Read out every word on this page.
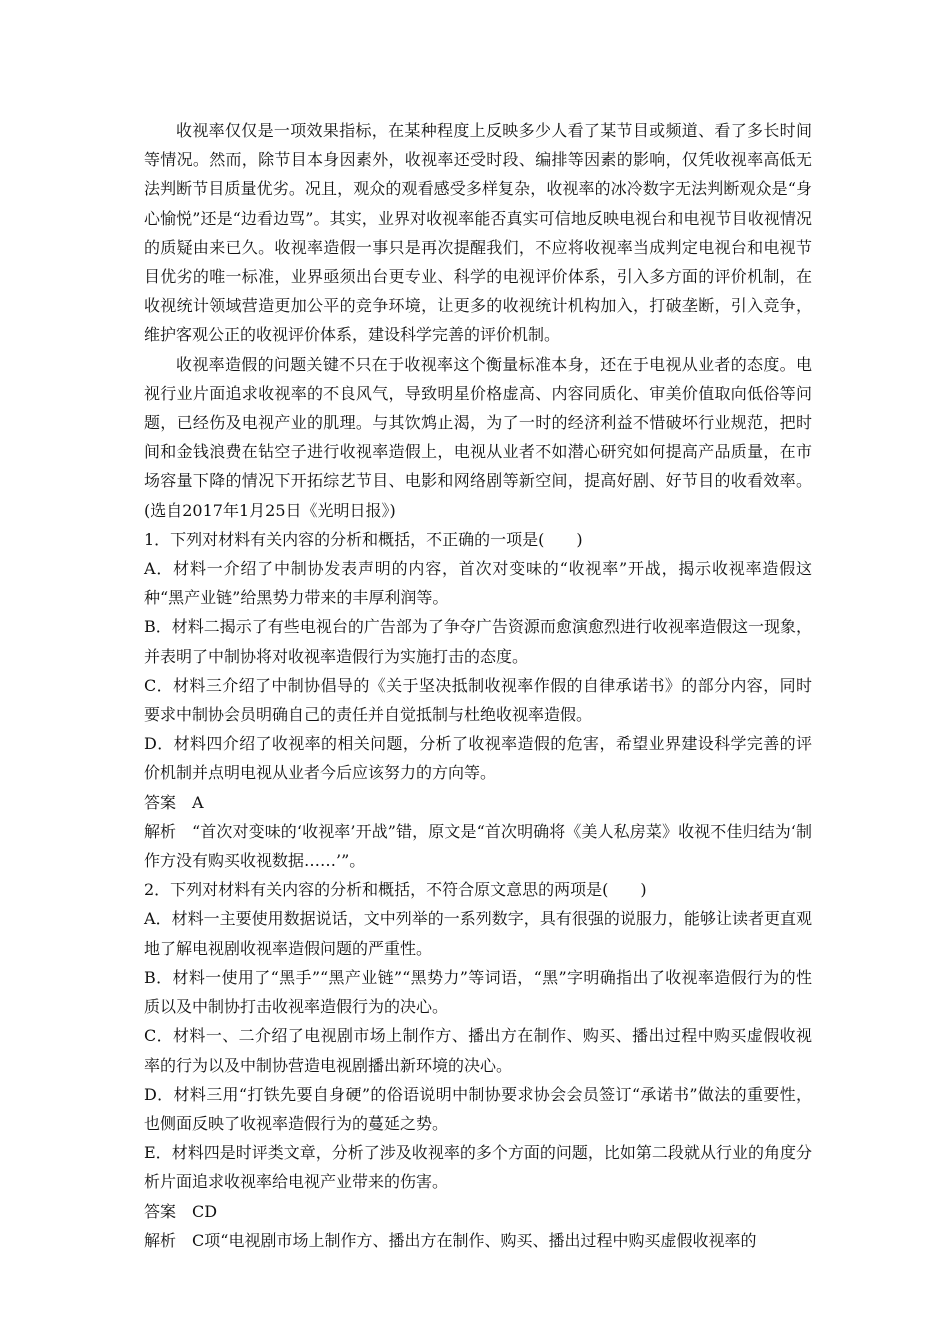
收视率仅仅是一项效果指标，在某种程度上反映多少人看了某节目或频道、看了多长时间等情况。然而，除节目本身因素外，收视率还受时段、编排等因素的影响，仅凭收视率高低无法判断节目质量优劣。况且，观众的观看感受多样复杂，收视率的冰冷数字无法判断观众是“身心愉悦”还是“边看边骂”。其实，业界对收视率能否真实可信地反映电视台和电视节目收视情况的质疑由来已久。收视率造假一事只是再次提醒我们，不应将收视率当成判定电视台和电视节目优劣的唯一标准，业界亟须出台更专业、科学的电视评价体系，引入多方面的评价机制，在收视统计领域营造更加公平的竞争环境，让更多的收视统计机构加入，打破垄断，引入竞争，维护客观公正的收视评价体系，建设科学完善的评价机制。

收视率造假的问题关键不只在于收视率这个衡量标准本身，还在于电视从业者的态度。电视行业片面追求收视率的不良风气，导致明星价格虚高、内容同质化、审美价值取向低俗等问题，已经伤及电视产业的肌理。与其饮鸩止渴，为了一时的经济利益不惜破坏行业规范，把时间和金钱浪费在钻空子进行收视率造假上，电视从业者不如潜心研究如何提高产品质量，在市场容量下降的情况下开拓综艺节目、电影和网络剧等新空间，提高好剧、好节目的收看效率。(选自2017年1月25日《光明日报》)

1．下列对材料有关内容的分析和概括，不正确的一项是(　　)

A．材料一介绍了中制协发表声明的内容，首次对变味的“收视率”开战，揭示收视率造假这种“黑产业链”给黑势力带来的丰厚利润等。

B．材料二揭示了有些电视台的广告部为了争夺广告资源而愈演愈烈进行收视率造假这一现象，并表明了中制协将对收视率造假行为实施打击的态度。

C．材料三介绍了中制协倡导的《关于坚决抵制收视率作假的自律承诺书》的部分内容，同时要求中制协会员明确自己的责任并自觉抵制与杜绝收视率造假。

D．材料四介绍了收视率的相关问题，分析了收视率造假的危害，希望业界建设科学完善的评价机制并点明电视从业者今后应该努力的方向等。

答案 A

解析 “首次对变味的‘收视率’开战”错，原文是“首次明确将《美人私房菜》收视不佳归结为‘制作方没有购买收视数据……’”。

2．下列对材料有关内容的分析和概括，不符合原文意思的两项是(　　)

A．材料一主要使用数据说话，文中列举的一系列数字，具有很强的说服力，能够让读者更直观地了解电视剧收视率造假问题的严重性。

B．材料一使用了“黑手”“黑产业链”“黑势力”等词语，“黑”字明确指出了收视率造假行为的性质以及中制协打击收视率造假行为的决心。

C．材料一、二介绍了电视剧市场上制作方、播出方在制作、购买、播出过程中购买虚假收视率的行为以及中制协营造电视剧播出新环境的决心。

D．材料三用“打铁先要自身硬”的俗语说明中制协要求协会会员签订“承诺书”做法的重要性，也侧面反映了收视率造假行为的蔓延之势。

E．材料四是时评类文章，分析了涉及收视率的多个方面的问题，比如第二段就从行业的角度分析片面追求收视率给电视产业带来的伤害。

答案 CD

解析 C项“电视剧市场上制作方、播出方在制作、购买、播出过程中购买虚假收视率的
